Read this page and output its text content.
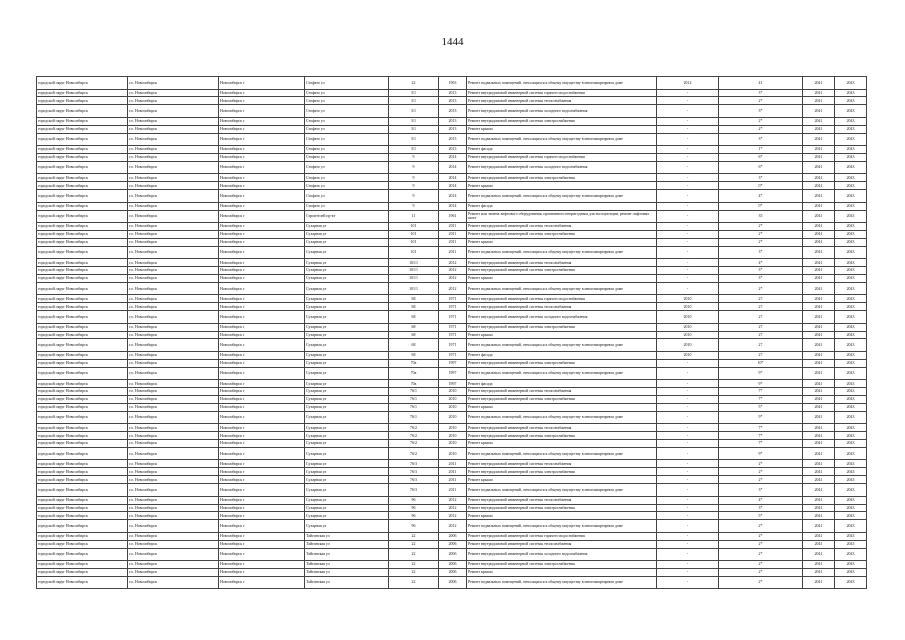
1444
городской округ Новосибирск	г.о. Новосибирск	Новосибирск г	Стофато ул	22	1963	Ремонт подвальных помещений, относящихся к общему имуществу в многоквартирном доме	2012	41	2041	2043
городской округ Новосибирск	г.о. Новосибирск	Новосибирск г	Стофато ул	3/1	2013	Ремонт внутридомовой инженерной системы горячего водоснабжения	-	3*	2041	2043
городской округ Новосибирск	г.о. Новосибирск	Новосибирск г	Стофато ул	3/1	2013	Ремонт внутридомовой инженерной системы теплоснабжения	-	2*	2041	2043
городской округ Новосибирск	г.о. Новосибирск	Новосибирск г	Стофато ул	3/1	2013	Ремонт внутридомовой инженерной системы холодного водоснабжения	-	3*	2041	2043
городской округ Новосибирск	г.о. Новосибирск	Новосибирск г	Стофато ул	3/1	2013	Ремонт внутридомовой инженерной системы электроснабжения	-	2*	2041	2043
городской округ Новосибирск	г.о. Новосибирск	Новосибирск г	Стофато ул	3/1	2013	Ремонт крыши	-	2*	2041	2043
городской округ Новосибирск	г.о. Новосибирск	Новосибирск г	Стофато ул	3/1	2013	Ремонт подвальных помещений, относящихся к общему имуществу в многоквартирном доме	-	3*	2041	2043
городской округ Новосибирск	г.о. Новосибирск	Новосибирск г	Стофато ул	3/1	2013	Ремонт фасада	-	1*	2041	2043
городской округ Новосибирск	г.о. Новосибирск	Новосибирск г	Стофато ул	9	2014	Ремонт внутридомовой инженерной системы горячего водоснабжения	-	6*	2041	2043
городской округ Новосибирск	г.о. Новосибирск	Новосибирск г	Стофато ул	9	2014	Ремонт внутридомовой инженерной системы холодного водоснабжения	-	6*	2041	2043
городской округ Новосибирск	г.о. Новосибирск	Новосибирск г	Стофато ул	9	2014	Ремонт внутридомовой инженерной системы электроснабжения	-	3*	2041	2043
городской округ Новосибирск	г.о. Новосибирск	Новосибирск г	Стофато ул	9	2014	Ремонт крыши	-	0*	2041	2043
городской округ Новосибирск	г.о. Новосибирск	Новосибирск г	Стофато ул	9	2014	Ремонт подвальных помещений, относящихся к общему имуществу в многоквартирном доме	-	4*	2041	2043
городской округ Новосибирск	г.о. Новосибирск	Новосибирск г	Стофато ул	9	2014	Ремонт фасада	-	0*	2041	2043
городской округ Новосибирск	г.о. Новосибирск	Новосибирск г	Строителей пр-кт	11	1961	Ремонт или замена лифтового оборудования, признанного непригодным для эксплуатации, ремонт лифтовых шахт	-	35	2041	2043
городской округ Новосибирск	г.о. Новосибирск	Новосибирск г	Сухарная ул	101	2011	Ремонт внутридомовой инженерной системы теплоснабжения	-	2*	2041	2043
городской округ Новосибирск	г.о. Новосибирск	Новосибирск г	Сухарная ул	101	2011	Ремонт внутридомовой инженерной системы электроснабжения	-	2*	2041	2043
городской округ Новосибирск	г.о. Новосибирск	Новосибирск г	Сухарная ул	101	2011	Ремонт крыши	-	2*	2041	2043
городской округ Новосибирск	г.о. Новосибирск	Новосибирск г	Сухарная ул	101	2011	Ремонт подвальных помещений, относящихся к общему имуществу в многоквартирном доме	-	3*	2041	2043
городской округ Новосибирск	г.о. Новосибирск	Новосибирск г	Сухарная ул	101/1	2012	Ремонт внутридомовой инженерной системы теплоснабжения	-	4*	2041	2043
городской округ Новосибирск	г.о. Новосибирск	Новосибирск г	Сухарная ул	101/1	2012	Ремонт внутридомовой инженерной системы электроснабжения	-	3*	2041	2043
городской округ Новосибирск	г.о. Новосибирск	Новосибирск г	Сухарная ул	101/1	2012	Ремонт крыши	-	3*	2041	2043
городской округ Новосибирск	г.о. Новосибирск	Новосибирск г	Сухарная ул	101/1	2012	Ремонт подвальных помещений, относящихся к общему имуществу в многоквартирном доме	-	2*	2041	2043
городской округ Новосибирск	г.о. Новосибирск	Новосибирск г	Сухарная ул	68	1971	Ремонт внутридомовой инженерной системы горячего водоснабжения	2010	27	2041	2043
городской округ Новосибирск	г.о. Новосибирск	Новосибирск г	Сухарная ул	68	1971	Ремонт внутридомовой инженерной системы теплоснабжения	2010	27	2041	2043
городской округ Новосибирск	г.о. Новосибирск	Новосибирск г	Сухарная ул	68	1971	Ремонт внутридомовой инженерной системы холодного водоснабжения	2010	27	2041	2043
городской округ Новосибирск	г.о. Новосибирск	Новосибирск г	Сухарная ул	68	1971	Ремонт внутридомовой инженерной системы электроснабжения	2010	27	2041	2043
городской округ Новосибирск	г.о. Новосибирск	Новосибирск г	Сухарная ул	68	1971	Ремонт крыши	2010	27	2041	2043
городской округ Новосибирск	г.о. Новосибирск	Новосибирск г	Сухарная ул	68	1971	Ремонт подвальных помещений, относящихся к общему имуществу в многоквартирном доме	2010	27	2041	2043
городской округ Новосибирск	г.о. Новосибирск	Новосибирск г	Сухарная ул	68	1971	Ремонт фасада	2010	27	2041	2043
городской округ Новосибирск	г.о. Новосибирск	Новосибирск г	Сухарная ул	70а	1997	Ремонт внутридомовой инженерной системы электроснабжения	-	10*	2041	2043
городской округ Новосибирск	г.о. Новосибирск	Новосибирск г	Сухарная ул	70а	1997	Ремонт подвальных помещений, относящихся к общему имуществу в многоквартирном доме	-	9*	2041	2043
городской округ Новосибирск	г.о. Новосибирск	Новосибирск г	Сухарная ул	70а	1997	Ремонт фасада	-	9*	2041	2043
городской округ Новосибирск	г.о. Новосибирск	Новосибирск г	Сухарная ул	76/1	2010	Ремонт внутридомовой инженерной системы теплоснабжения	-	7*	2041	2043
городской округ Новосибирск	г.о. Новосибирск	Новосибирск г	Сухарная ул	76/1	2010	Ремонт внутридомовой инженерной системы электроснабжения	-	7*	2041	2043
городской округ Новосибирск	г.о. Новосибирск	Новосибирск г	Сухарная ул	76/1	2010	Ремонт крыши	-	5*	2041	2043
городской округ Новосибирск	г.о. Новосибирск	Новосибирск г	Сухарная ул	76/1	2010	Ремонт подвальных помещений, относящихся к общему имуществу в многоквартирном доме	-	9*	2041	2043
городской округ Новосибирск	г.о. Новосибирск	Новосибирск г	Сухарная ул	76/2	2010	Ремонт внутридомовой инженерной системы теплоснабжения	-	7*	2041	2043
городской округ Новосибирск	г.о. Новосибирск	Новосибирск г	Сухарная ул	76/2	2010	Ремонт внутридомовой инженерной системы электроснабжения	-	7*	2041	2043
городской округ Новосибирск	г.о. Новосибирск	Новосибирск г	Сухарная ул	76/2	2010	Ремонт крыши	-	7*	2041	2043
городской округ Новосибирск	г.о. Новосибирск	Новосибирск г	Сухарная ул	76/2	2010	Ремонт подвальных помещений, относящихся к общему имуществу в многоквартирном доме	-	9*	2041	2043
городской округ Новосибирск	г.о. Новосибирск	Новосибирск г	Сухарная ул	76/3	2011	Ремонт внутридомовой инженерной системы теплоснабжения	-	2*	2041	2043
городской округ Новосибирск	г.о. Новосибирск	Новосибирск г	Сухарная ул	76/3	2011	Ремонт внутридомовой инженерной системы электроснабжения	-	2*	2041	2043
городской округ Новосибирск	г.о. Новосибирск	Новосибирск г	Сухарная ул	76/3	2011	Ремонт крыши	-	2*	2041	2043
городской округ Новосибирск	г.о. Новосибирск	Новосибирск г	Сухарная ул	76/3	2011	Ремонт подвальных помещений, относящихся к общему имуществу в многоквартирном доме	-	3*	2041	2043
городской округ Новосибирск	г.о. Новосибирск	Новосибирск г	Сухарная ул	96	2012	Ремонт внутридомовой инженерной системы теплоснабжения	-	4*	2041	2043
городской округ Новосибирск	г.о. Новосибирск	Новосибирск г	Сухарная ул	96	2012	Ремонт внутридомовой инженерной системы электроснабжения	-	3*	2041	2043
городской округ Новосибирск	г.о. Новосибирск	Новосибирск г	Сухарная ул	96	2012	Ремонт крыши	-	5*	2041	2043
городской округ Новосибирск	г.о. Новосибирск	Новосибирск г	Сухарная ул	96	2012	Ремонт подвальных помещений, относящихся к общему имуществу в многоквартирном доме	-	2*	2041	2043
городской округ Новосибирск	г.о. Новосибирск	Новосибирск г	Тайгинская ул	22	2006	Ремонт внутридомовой инженерной системы горячего водоснабжения	-	2*	2041	2043
городской округ Новосибирск	г.о. Новосибирск	Новосибирск г	Тайгинская ул	22	2006	Ремонт внутридомовой инженерной системы теплоснабжения	-	2*	2041	2043
городской округ Новосибирск	г.о. Новосибирск	Новосибирск г	Тайгинская ул	22	2006	Ремонт внутридомовой инженерной системы холодного водоснабжения	-	2*	2041	2043
городской округ Новосибирск	г.о. Новосибирск	Новосибирск г	Тайгинская ул	22	2006	Ремонт внутридомовой инженерной системы электроснабжения	-	2*	2041	2043
городской округ Новосибирск	г.о. Новосибирск	Новосибирск г	Тайгинская ул	22	2006	Ремонт крыши	-	2*	2041	2043
городской округ Новосибирск	г.о. Новосибирск	Новосибирск г	Тайгинская ул	22	2006	Ремонт подвальных помещений, относящихся к общему имуществу в многоквартирном доме	-	2*	2041	2043
